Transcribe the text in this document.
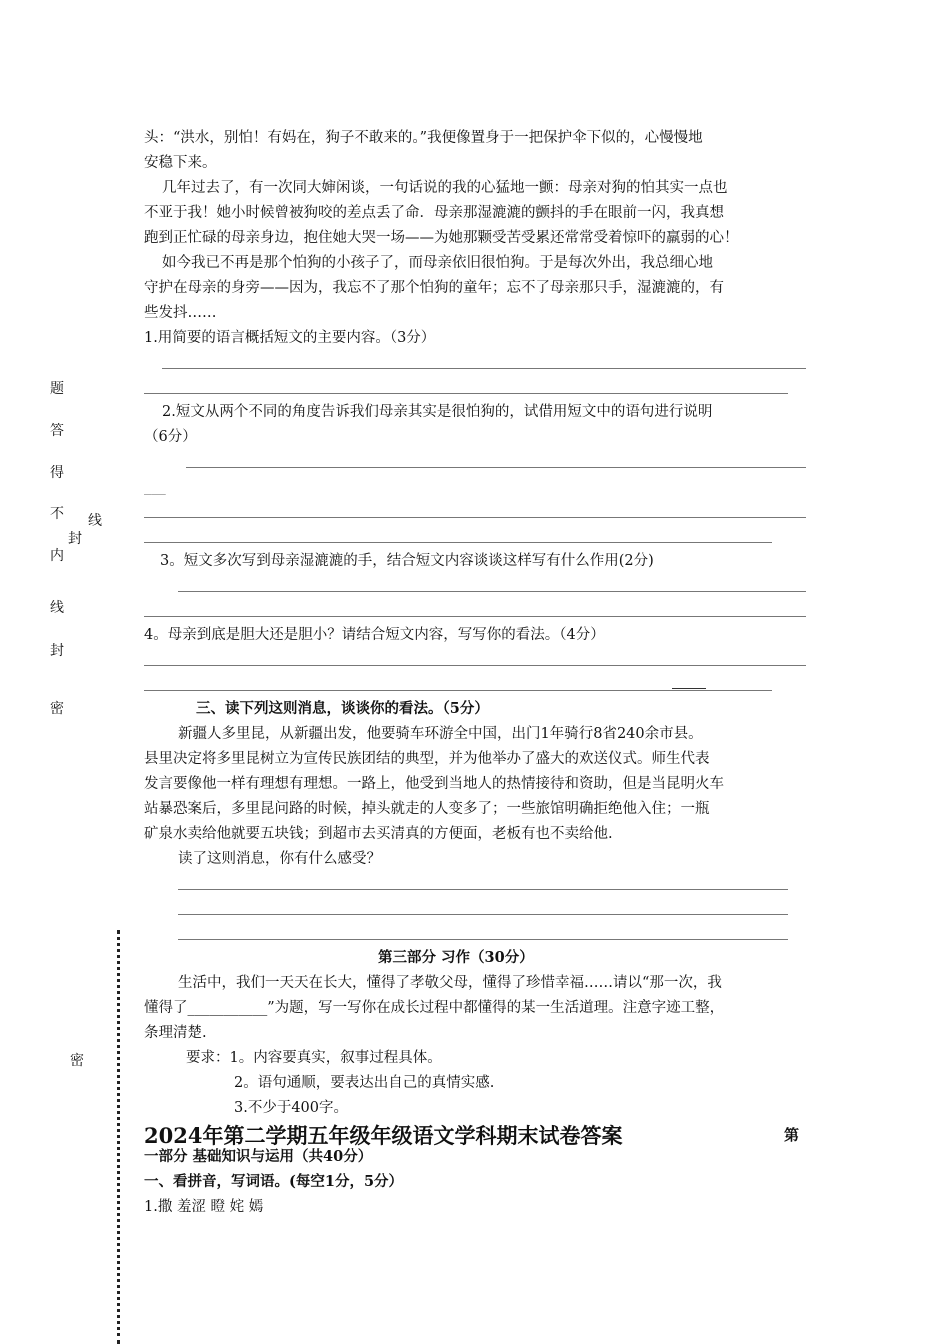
头：“洪水，别怕！有妈在，狗子不敢来的。”我便像置身于一把保护伞下似的，心慢慢地
安稳下来。
几年过去了，有一次同大婶闲谈，一句话说的我的心猛地一颤：母亲对狗的怕其实一点也
不亚于我！她小时候曾被狗咬的差点丢了命．母亲那湿漉漉的颤抖的手在眼前一闪，我真想
跑到正忙碌的母亲身边，抱住她大哭一场——为她那颗受苦受累还常常受着惊吓的羸弱的心！
如今我已不再是那个怕狗的小孩子了，而母亲依旧很怕狗。于是每次外出，我总细心地
守护在母亲的身旁——因为，我忘不了那个怕狗的童年；忘不了母亲那只手，湿漉漉的，有
些发抖……
1.用简要的语言概括短文的主要内容。（3分）
2.短文从两个不同的角度告诉我们母亲其实是很怕狗的，试借用短文中的语句进行说明
（6分）
___
3。短文多次写到母亲湿漉漉的手，结合短文内容谈谈这样写有什么作用(2分)
4。母亲到底是胆大还是胆小？请结合短文内容，写写你的看法。（4分）
三、读下列这则消息，谈谈你的看法。（5分）
新疆人多里昆，从新疆出发，他要骑车环游全中国，出门1年骑行8省240余市县。
县里决定将多里昆树立为宣传民族团结的典型，并为他举办了盛大的欢送仪式。师生代表
发言要像他一样有理想有理想。一路上，他受到当地人的热情接待和资助，但是当昆明火车
站暴恐案后，多里昆问路的时候，掉头就走的人变多了；一些旅馆明确拒绝他入住；一瓶
矿泉水卖给他就要五块钱；到超市去买清真的方便面，老板有也不卖给他.
读了这则消息，你有什么感受？
第三部分 习作（30分）
生活中，我们一天天在长大，懂得了孝敬父母，懂得了珍惜幸福……请以“那一次，我
懂得了___________”为题，写一写你在成长过程中都懂得的某一生活道理。注意字迹工整，
条理清楚.
要求：1。内容要真实，叙事过程具体。
2。语句通顺，要表达出自己的真情实感.
3.不少于400字。
2024年第二学期五年级年级语文学科期末试卷答案	第
一部分 基础知识与运用（共40分）
一、看拼音，写词语。(每空1分，5分）
1.撒 羞涩 瞪 姹 嫣
题
答
得
不
内
线
封
密
线
封
密
